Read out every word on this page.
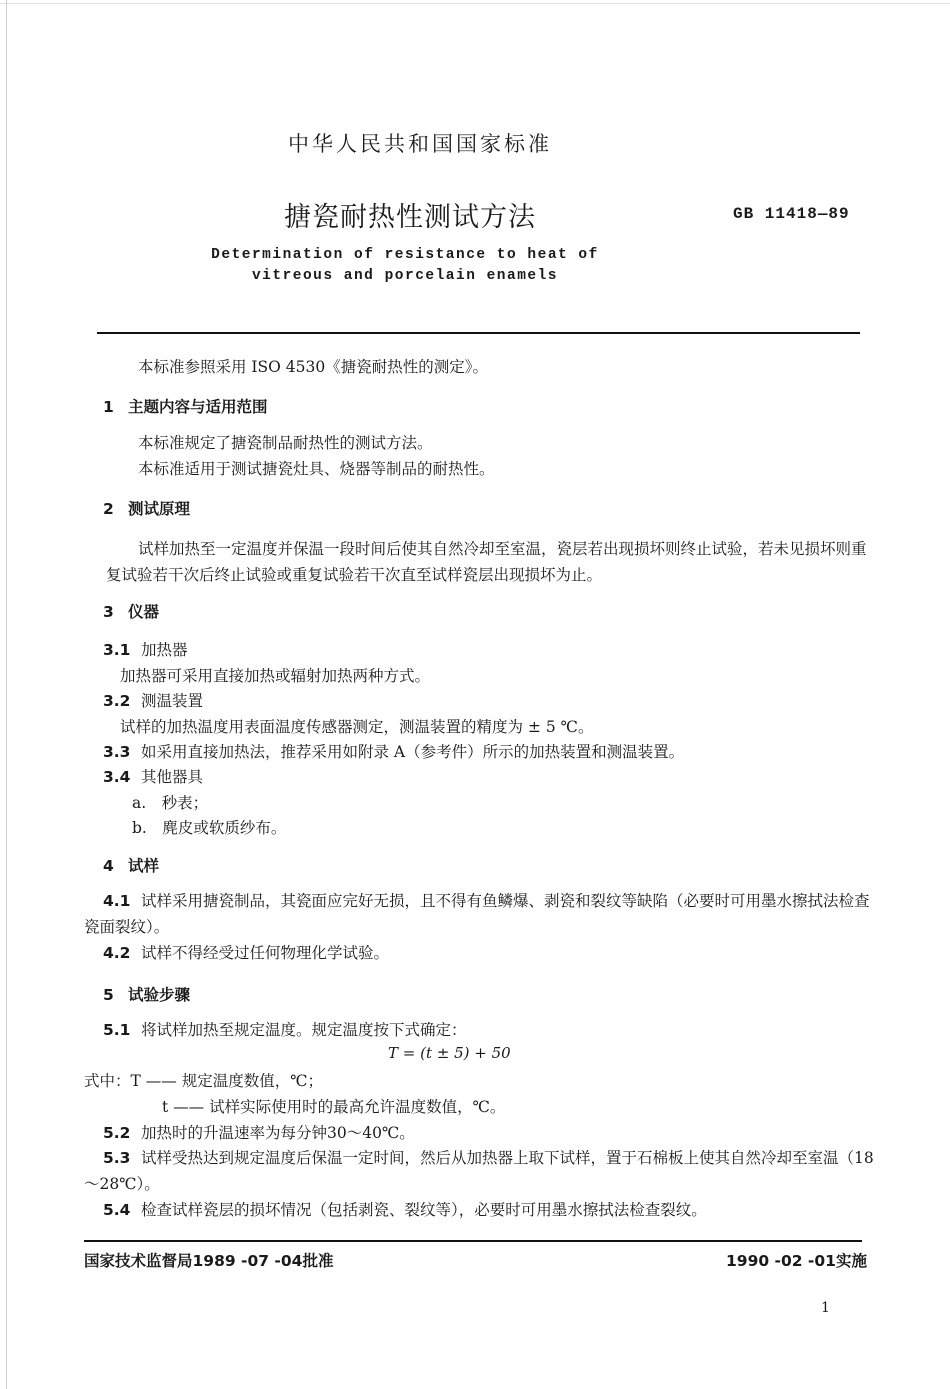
中华人民共和国国家标准
搪瓷耐热性测试方法	GB 11418—89
Determination of resistance to heat of
vitreous and porcelain enamels
本标准参照采用 ISO 4530《搪瓷耐热性的测定》。
1 主题内容与适用范围
本标准规定了搪瓷制品耐热性的测试方法。
本标准适用于测试搪瓷灶具、烧器等制品的耐热性。
2 测试原理
试样加热至一定温度并保温一段时间后使其自然冷却至室温，瓷层若出现损坏则终止试验，若未见损坏则重复试验若干次后终止试验或重复试验若干次直至试样瓷层出现损坏为止。
3 仪器
3.1 加热器
加热器可采用直接加热或辐射加热两种方式。
3.2 测温装置
试样的加热温度用表面温度传感器测定，测温装置的精度为 ± 5 ℃。
3.3 如采用直接加热法，推荐采用如附录 A（参考件）所示的加热装置和测温装置。
3.4 其他器具
a.　秒表；
b.　麂皮或软质纱布。
4 试样
4.1 试样采用搪瓷制品，其瓷面应完好无损，且不得有鱼鳞爆、剥瓷和裂纹等缺陷（必要时可用墨水擦拭法检查瓷面裂纹）。
4.2 试样不得经受过任何物理化学试验。
5 试验步骤
5.1 将试样加热至规定温度。规定温度按下式确定：
T = (t ± 5) + 50
式中：T —— 规定温度数值，℃；
t —— 试样实际使用时的最高允许温度数值，℃。
5.2 加热时的升温速率为每分钟30～40℃。
5.3 试样受热达到规定温度后保温一定时间，然后从加热器上取下试样，置于石棉板上使其自然冷却至室温（18～28℃）。
5.4 检查试样瓷层的损坏情况（包括剥瓷、裂纹等），必要时可用墨水擦拭法检查裂纹。
国家技术监督局1989 -07 -04批准	1990 -02 -01实施
1
